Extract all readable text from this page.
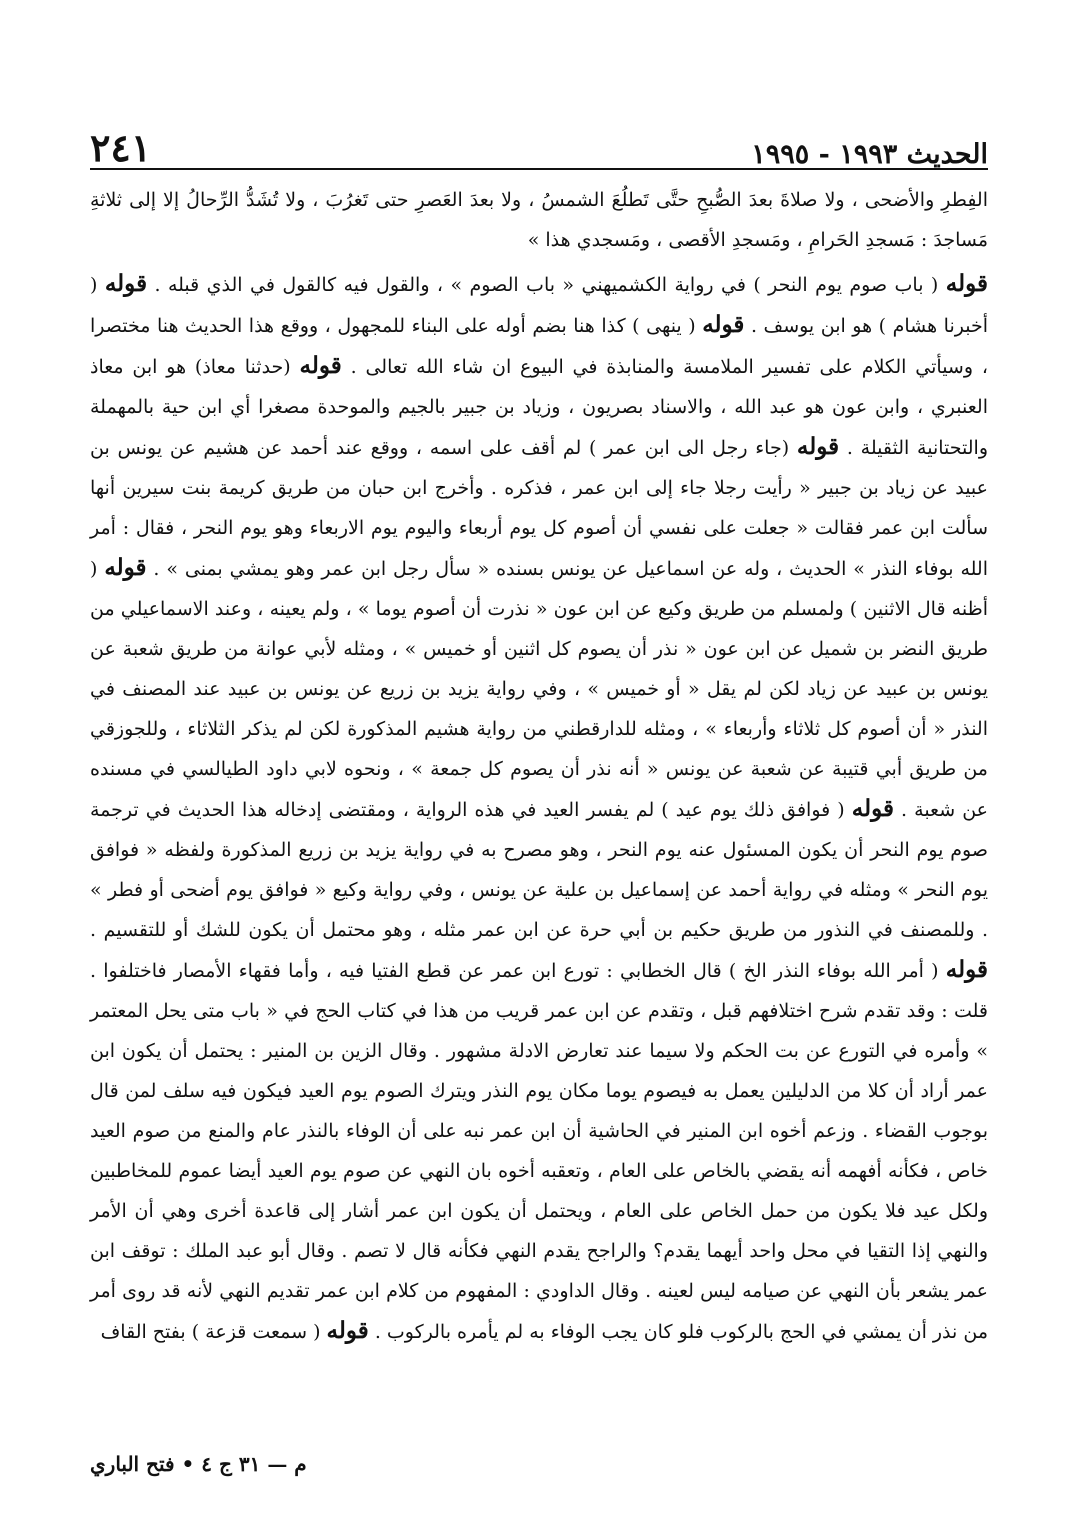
الحديث ١٩٩٣ - ١٩٩٥
٢٤١

الفِطرِ والأضحى ، ولا صلاةَ بعدَ الصُّبحِ حتَّى تَطلُعَ الشمسُ ، ولا بعدَ العَصرِ حتى تَغرُبَ ، ولا تُشَدُّ الرِّحالُ إلا إلى ثلاثةِ مَساجدَ : مَسجدِ الحَرامِ ، ومَسجدِ الأقصى ، ومَسجدي هذا »

قوله ( باب صوم يوم النحر ) في رواية الكشميهني « باب الصوم » ، والقول فيه كالقول في الذي قبله . قوله ( أخبرنا هشام ) هو ابن يوسف . قوله ( ينهى ) كذا هنا بضم أوله على البناء للمجهول ، ووقع هذا الحديث هنا مختصرا ، وسيأتي الكلام على تفسير الملامسة والمنابذة في البيوع ان شاء الله تعالى . قوله (حدثنا معاذ) هو ابن معاذ العنبري ، وابن عون هو عبد الله ، والاسناد بصريون ، وزياد بن جبير بالجيم والموحدة مصغرا أي ابن حية بالمهملة والتحتانية الثقيلة . قوله (جاء رجل الى ابن عمر ) لم أقف على اسمه ، ووقع عند أحمد عن هشيم عن يونس بن عبيد عن زياد بن جبير « رأيت رجلا جاء إلى ابن عمر ، فذكره . وأخرج ابن حبان من طريق كريمة بنت سيرين أنها سألت ابن عمر فقالت « جعلت على نفسي أن أصوم كل يوم أربعاء واليوم يوم الاربعاء وهو يوم النحر ، فقال : أمر الله بوفاء النذر » الحديث ، وله عن اسماعيل عن يونس بسنده « سأل رجل ابن عمر وهو يمشي بمنى » . قوله ( أظنه قال الاثنين ) ولمسلم من طريق وكيع عن ابن عون « نذرت أن أصوم يوما » ، ولم يعينه ، وعند الاسماعيلي من طريق النضر بن شميل عن ابن عون « نذر أن يصوم كل اثنين أو خميس » ، ومثله لأبي عوانة من طريق شعبة عن يونس بن عبيد عن زياد لكن لم يقل « أو خميس » ، وفي رواية يزيد بن زريع عن يونس بن عبيد عند المصنف في النذر « أن أصوم كل ثلاثاء وأربعاء » ، ومثله للدارقطني من رواية هشيم المذكورة لكن لم يذكر الثلاثاء ، وللجوزقي من طريق أبي قتيبة عن شعبة عن يونس « أنه نذر أن يصوم كل جمعة » ، ونحوه لابي داود الطيالسي في مسنده عن شعبة . قوله ( فوافق ذلك يوم عيد ) لم يفسر العيد في هذه الرواية ، ومقتضى إدخاله هذا الحديث في ترجمة صوم يوم النحر أن يكون المسئول عنه يوم النحر ، وهو مصرح به في رواية يزيد بن زريع المذكورة ولفظه « فوافق يوم النحر » ومثله في رواية أحمد عن إسماعيل بن علية عن يونس ، وفي رواية وكيع « فوافق يوم أضحى أو فطر » . وللمصنف في النذور من طريق حكيم بن أبي حرة عن ابن عمر مثله ، وهو محتمل أن يكون للشك أو للتقسيم . قوله ( أمر الله بوفاء النذر الخ ) قال الخطابي : تورع ابن عمر عن قطع الفتيا فيه ، وأما فقهاء الأمصار فاختلفوا . قلت : وقد تقدم شرح اختلافهم قبل ، وتقدم عن ابن عمر قريب من هذا في كتاب الحج في « باب متى يحل المعتمر » وأمره في التورع عن بت الحكم ولا سيما عند تعارض الادلة مشهور . وقال الزين بن المنير : يحتمل أن يكون ابن عمر أراد أن كلا من الدليلين يعمل به فيصوم يوما مكان يوم النذر ويترك الصوم يوم العيد فيكون فيه سلف لمن قال بوجوب القضاء . وزعم أخوه ابن المنير في الحاشية أن ابن عمر نبه على أن الوفاء بالنذر عام والمنع من صوم العيد خاص ، فكأنه أفهمه أنه يقضي بالخاص على العام ، وتعقبه أخوه بان النهي عن صوم يوم العيد أيضا عموم للمخاطبين ولكل عيد فلا يكون من حمل الخاص على العام ، ويحتمل أن يكون ابن عمر أشار إلى قاعدة أخرى وهي أن الأمر والنهي إذا التقيا في محل واحد أيهما يقدم؟ والراجح يقدم النهي فكأنه قال لا تصم . وقال أبو عبد الملك : توقف ابن عمر يشعر بأن النهي عن صيامه ليس لعينه . وقال الداودي : المفهوم من كلام ابن عمر تقديم النهي لأنه قد روى أمر من نذر أن يمشي في الحج بالركوب فلو كان يجب الوفاء به لم يأمره بالركوب . قوله ( سمعت قزعة ) بفتح القاف

م — ٣١ ج ٤ • فتح الباري
